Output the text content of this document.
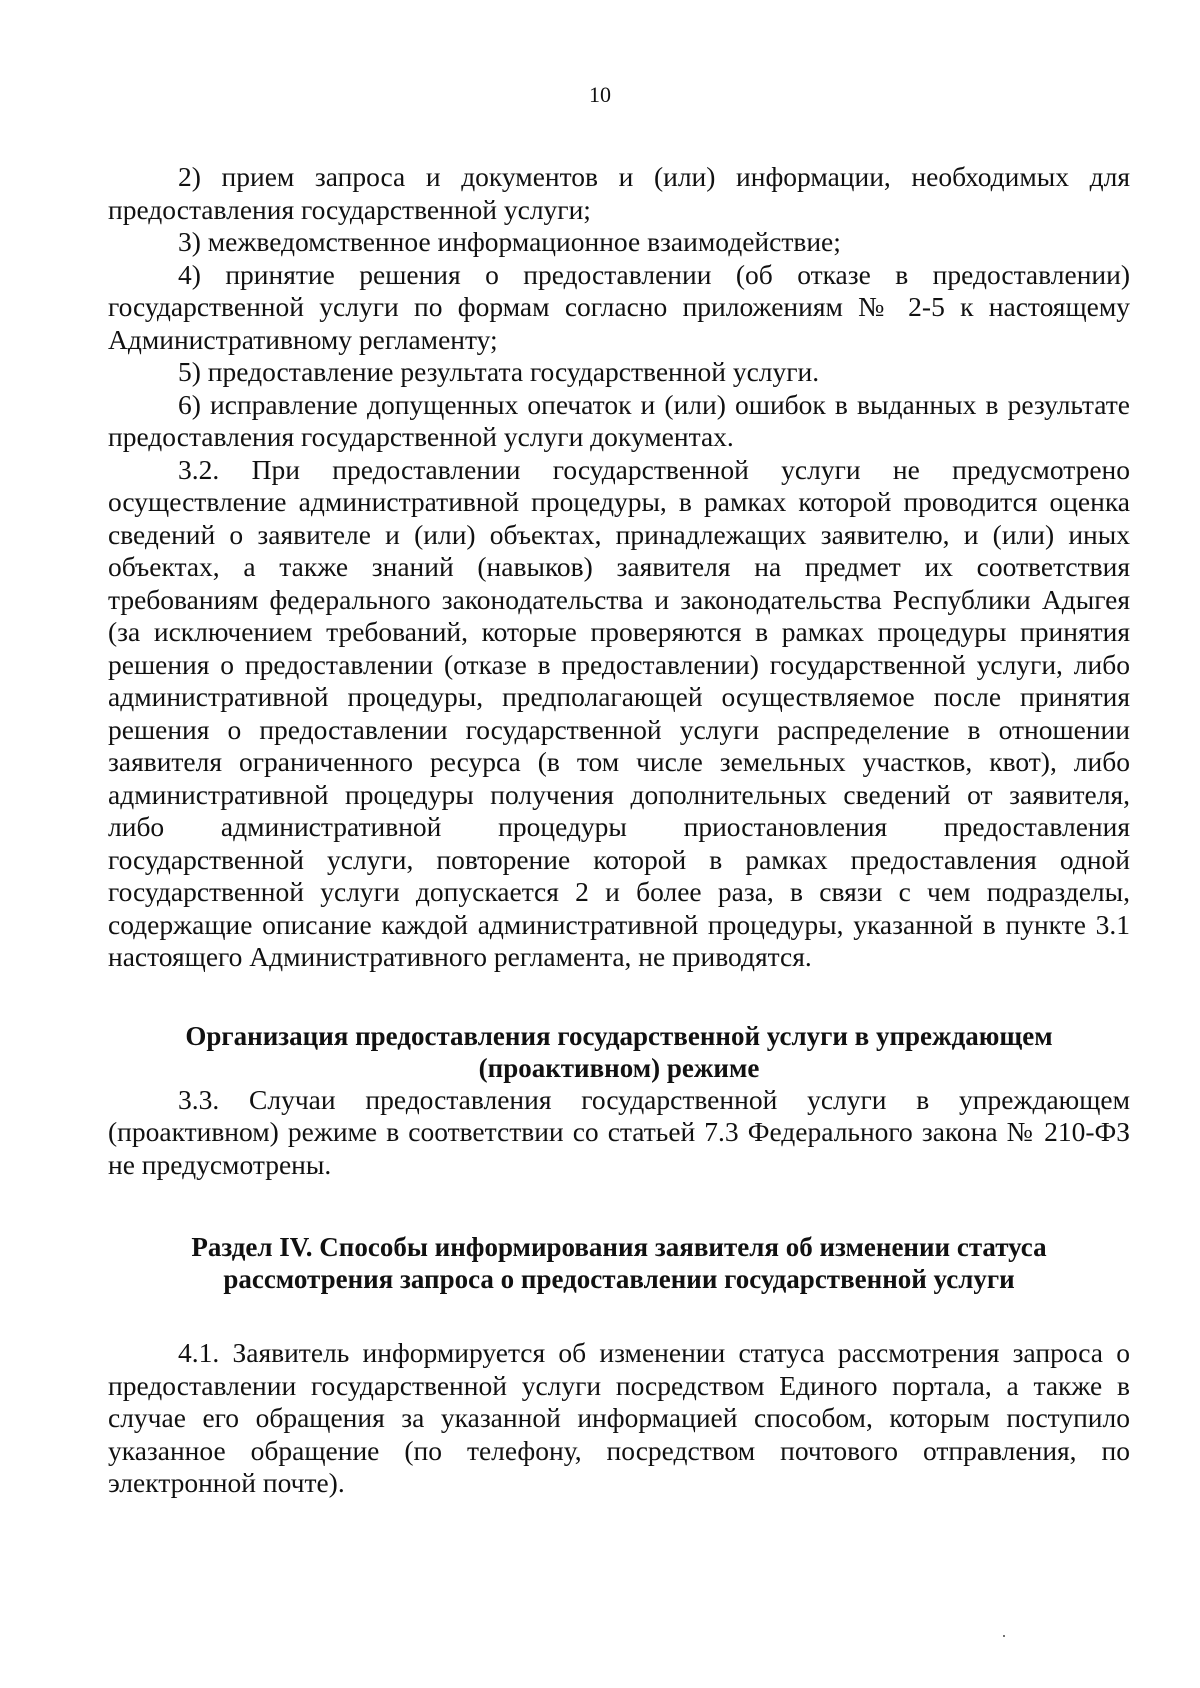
10

2) прием запроса и документов и (или) информации, необходимых для предоставления государственной услуги;

3) межведомственное информационное взаимодействие;

4) принятие решения о предоставлении (об отказе в предоставлении) государственной услуги по формам согласно приложениям № 2-5 к настоящему Административному регламенту;

5) предоставление результата государственной услуги.

6) исправление допущенных опечаток и (или) ошибок в выданных в результате предоставления государственной услуги документах.

3.2. При предоставлении государственной услуги не предусмотрено осуществление административной процедуры, в рамках которой проводится оценка сведений о заявителе и (или) объектах, принадлежащих заявителю, и (или) иных объектах, а также знаний (навыков) заявителя на предмет их соответствия требованиям федерального законодательства и законодательства Республики Адыгея (за исключением требований, которые проверяются в рамках процедуры принятия решения о предоставлении (отказе в предоставлении) государственной услуги, либо административной процедуры, предполагающей осуществляемое после принятия решения о предоставлении государственной услуги распределение в отношении заявителя ограниченного ресурса (в том числе земельных участков, квот), либо административной процедуры получения дополнительных сведений от заявителя, либо административной процедуры приостановления предоставления государственной услуги, повторение которой в рамках предоставления одной государственной услуги допускается 2 и более раза, в связи с чем подразделы, содержащие описание каждой административной процедуры, указанной в пункте 3.1 настоящего Административного регламента, не приводятся.

Организация предоставления государственной услуги в упреждающем
(проактивном) режиме

3.3. Случаи предоставления государственной услуги в упреждающем (проактивном) режиме в соответствии со статьей 7.3 Федерального закона № 210-ФЗ не предусмотрены.

Раздел IV. Способы информирования заявителя об изменении статуса
рассмотрения запроса о предоставлении государственной услуги

4.1. Заявитель информируется об изменении статуса рассмотрения запроса о предоставлении государственной услуги посредством Единого портала, а также в случае его обращения за указанной информацией способом, которым поступило указанное обращение (по телефону, посредством почтового отправления, по электронной почте).
